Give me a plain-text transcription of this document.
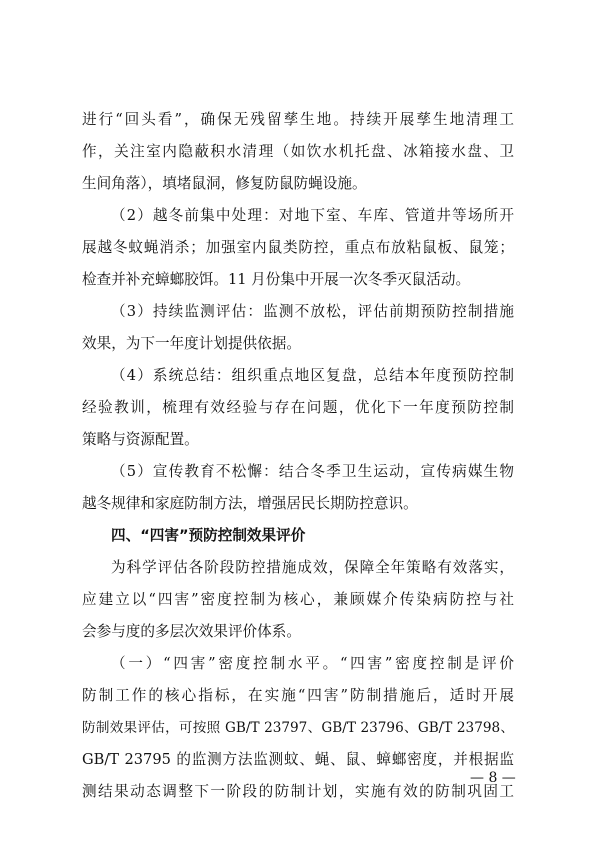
进行“回头看”，确保无残留孳生地。持续开展孳生地清理工
作，关注室内隐蔽积水清理（如饮水机托盘、冰箱接水盘、卫
生间角落），填堵鼠洞，修复防鼠防蝇设施。
（2）越冬前集中处理：对地下室、车库、管道井等场所开
展越冬蚊蝇消杀；加强室内鼠类防控，重点布放粘鼠板、鼠笼；
检查并补充蟑螂胶饵。11 月份集中开展一次冬季灭鼠活动。
（3）持续监测评估：监测不放松，评估前期预防控制措施
效果，为下一年度计划提供依据。
（4）系统总结：组织重点地区复盘，总结本年度预防控制
经验教训，梳理有效经验与存在问题，优化下一年度预防控制
策略与资源配置。
（5）宣传教育不松懈：结合冬季卫生运动，宣传病媒生物
越冬规律和家庭防制方法，增强居民长期防控意识。
四、“四害”预防控制效果评价
为科学评估各阶段防控措施成效，保障全年策略有效落实，
应建立以“四害”密度控制为核心，兼顾媒介传染病防控与社
会参与度的多层次效果评价体系。
（一）“四害”密度控制水平。“四害”密度控制是评价
防制工作的核心指标，在实施“四害”防制措施后，适时开展
防制效果评估，可按照 GB/T 23797、GB/T 23796、GB/T 23798、
GB/T 23795 的监测方法监测蚊、蝇、鼠、蟑螂密度，并根据监
测结果动态调整下一阶段的防制计划，实施有效的防制巩固工
— 8 —
